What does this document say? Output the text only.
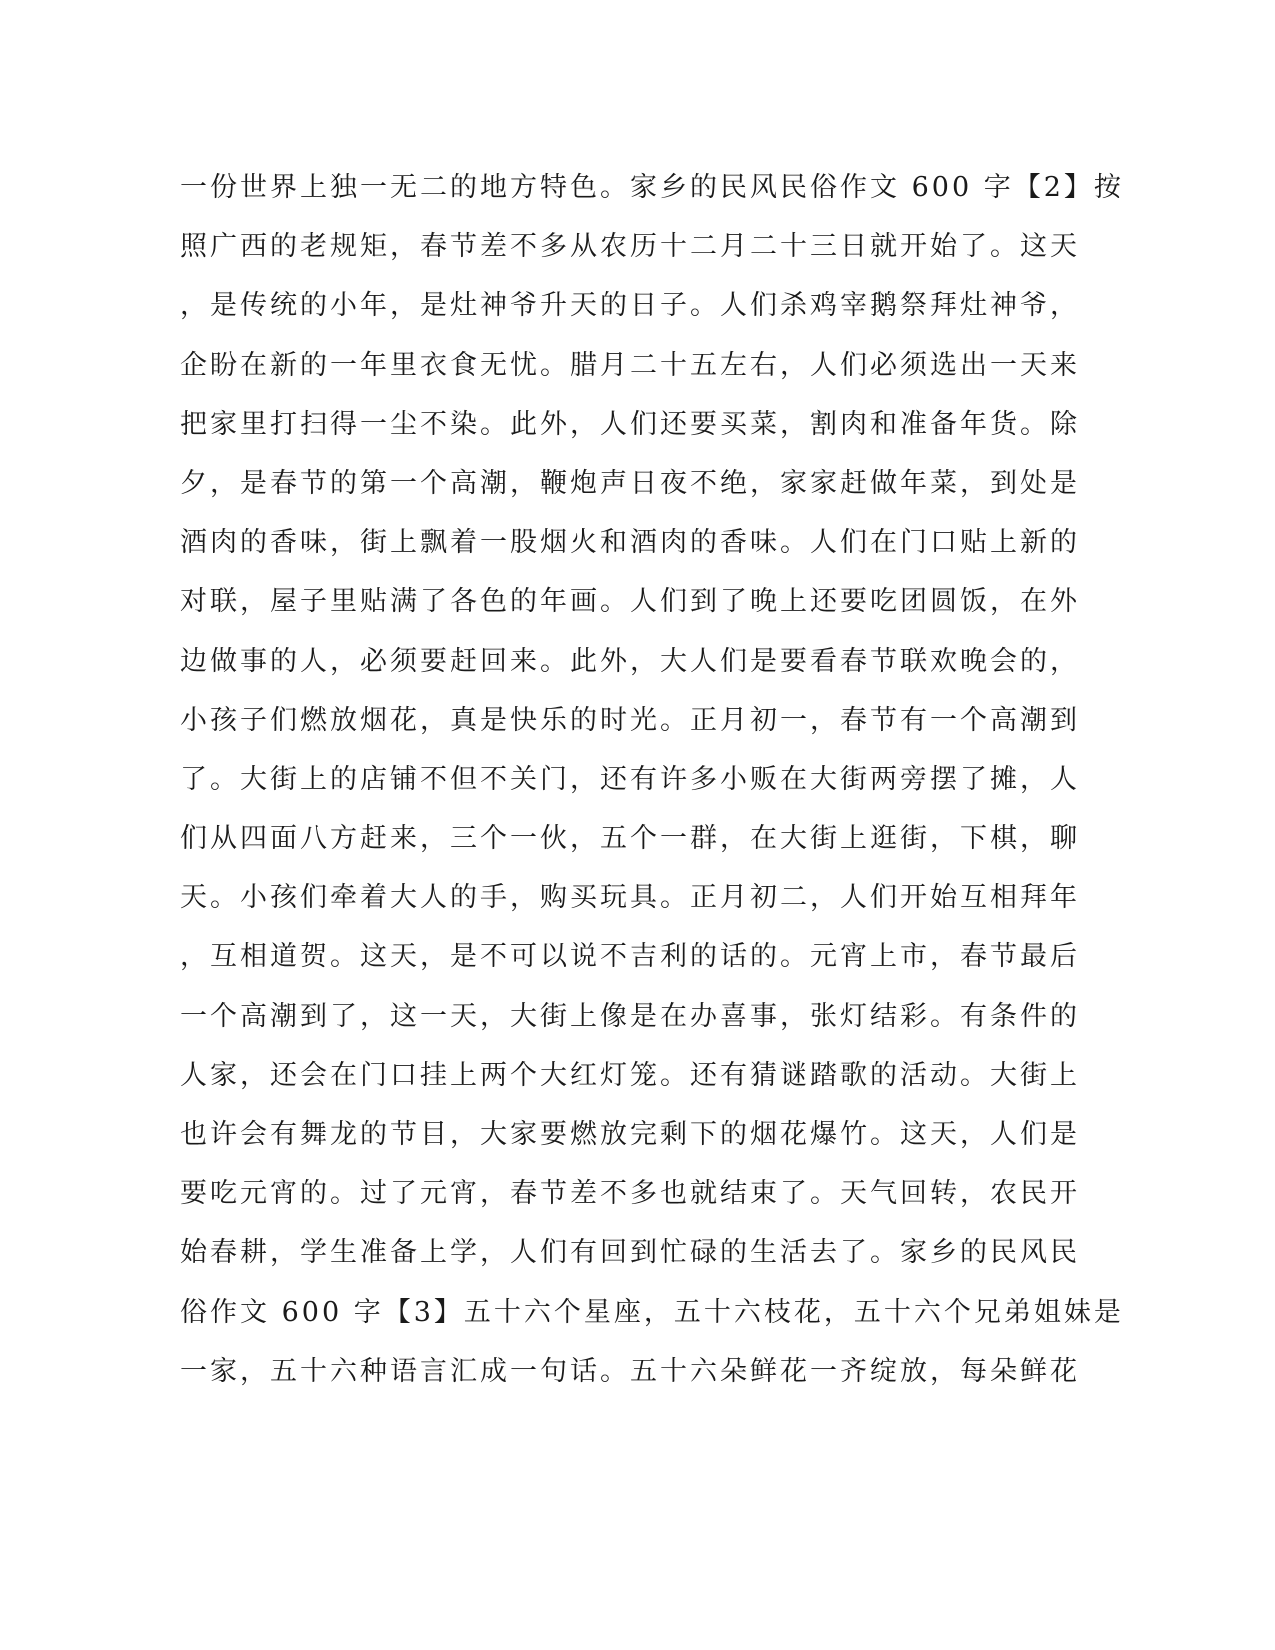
一份世界上独一无二的地方特色。家乡的民风民俗作文 600 字【2】按
照广西的老规矩，春节差不多从农历十二月二十三日就开始了。这天
，是传统的小年，是灶神爷升天的日子。人们杀鸡宰鹅祭拜灶神爷，
企盼在新的一年里衣食无忧。腊月二十五左右，人们必须选出一天来
把家里打扫得一尘不染。此外，人们还要买菜，割肉和准备年货。除
夕，是春节的第一个高潮，鞭炮声日夜不绝，家家赶做年菜，到处是
酒肉的香味，街上飘着一股烟火和酒肉的香味。人们在门口贴上新的
对联，屋子里贴满了各色的年画。人们到了晚上还要吃团圆饭，在外
边做事的人，必须要赶回来。此外，大人们是要看春节联欢晚会的，
小孩子们燃放烟花，真是快乐的时光。正月初一，春节有一个高潮到
了。大街上的店铺不但不关门，还有许多小贩在大街两旁摆了摊，人
们从四面八方赶来，三个一伙，五个一群，在大街上逛街，下棋，聊
天。小孩们牵着大人的手，购买玩具。正月初二，人们开始互相拜年
，互相道贺。这天，是不可以说不吉利的话的。元宵上市，春节最后
一个高潮到了，这一天，大街上像是在办喜事，张灯结彩。有条件的
人家，还会在门口挂上两个大红灯笼。还有猜谜踏歌的活动。大街上
也许会有舞龙的节目，大家要燃放完剩下的烟花爆竹。这天，人们是
要吃元宵的。过了元宵，春节差不多也就结束了。天气回转，农民开
始春耕，学生准备上学，人们有回到忙碌的生活去了。家乡的民风民
俗作文 600 字【3】五十六个星座，五十六枝花，五十六个兄弟姐妹是
一家，五十六种语言汇成一句话。五十六朵鲜花一齐绽放，每朵鲜花
